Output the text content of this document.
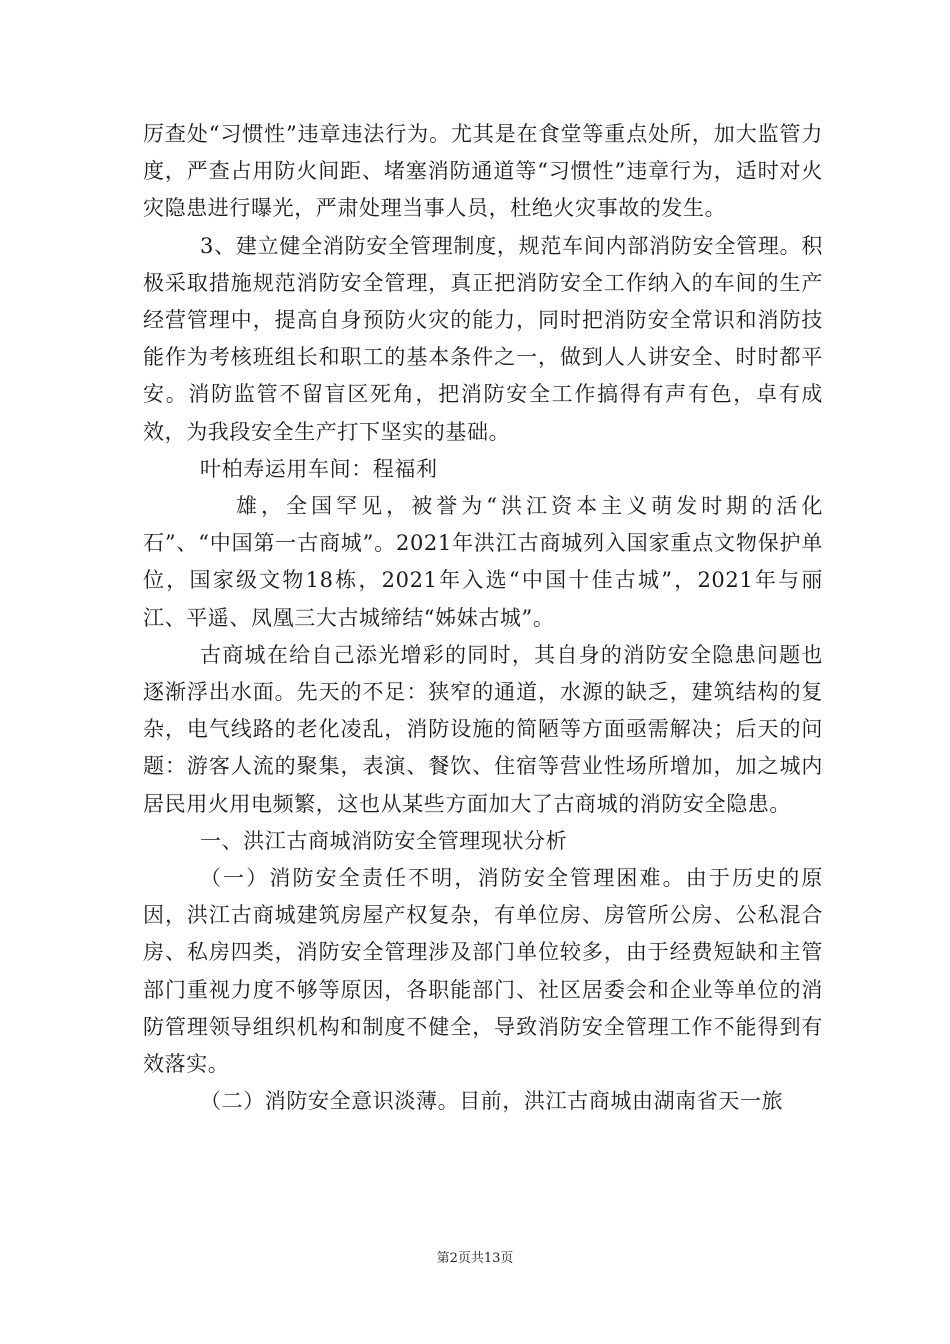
厉查处“习惯性”违章违法行为。尤其是在食堂等重点处所，加大监管力度，严查占用防火间距、堵塞消防通道等“习惯性”违章行为，适时对火灾隐患进行曝光，严肃处理当事人员，杜绝火灾事故的发生。

3、建立健全消防安全管理制度，规范车间内部消防安全管理。积极采取措施规范消防安全管理，真正把消防安全工作纳入的车间的生产经营管理中，提高自身预防火灾的能力，同时把消防安全常识和消防技能作为考核班组长和职工的基本条件之一，做到人人讲安全、时时都平安。消防监管不留盲区死角，把消防安全工作搞得有声有色，卓有成效，为我段安全生产打下坚实的基础。

叶柏寿运用车间：程福利

雄，全国罕见，被誉为“洪江资本主义萌发时期的活化石”、“中国第一古商城”。2021年洪江古商城列入国家重点文物保护单位，国家级文物18栋，2021年入选“中国十佳古城”，2021年与丽江、平遥、凤凰三大古城缔结“姊妹古城”。

古商城在给自己添光增彩的同时，其自身的消防安全隐患问题也逐渐浮出水面。先天的不足：狭窄的通道，水源的缺乏，建筑结构的复杂，电气线路的老化凌乱，消防设施的简陋等方面亟需解决；后天的问题：游客人流的聚集，表演、餐饮、住宿等营业性场所增加，加之城内居民用火用电频繁，这也从某些方面加大了古商城的消防安全隐患。

一、洪江古商城消防安全管理现状分析

（一）消防安全责任不明，消防安全管理困难。由于历史的原因，洪江古商城建筑房屋产权复杂，有单位房、房管所公房、公私混合房、私房四类，消防安全管理涉及部门单位较多，由于经费短缺和主管部门重视力度不够等原因，各职能部门、社区居委会和企业等单位的消防管理领导组织机构和制度不健全，导致消防安全管理工作不能得到有效落实。

（二）消防安全意识淡薄。目前，洪江古商城由湖南省天一旅

第2页共13页
